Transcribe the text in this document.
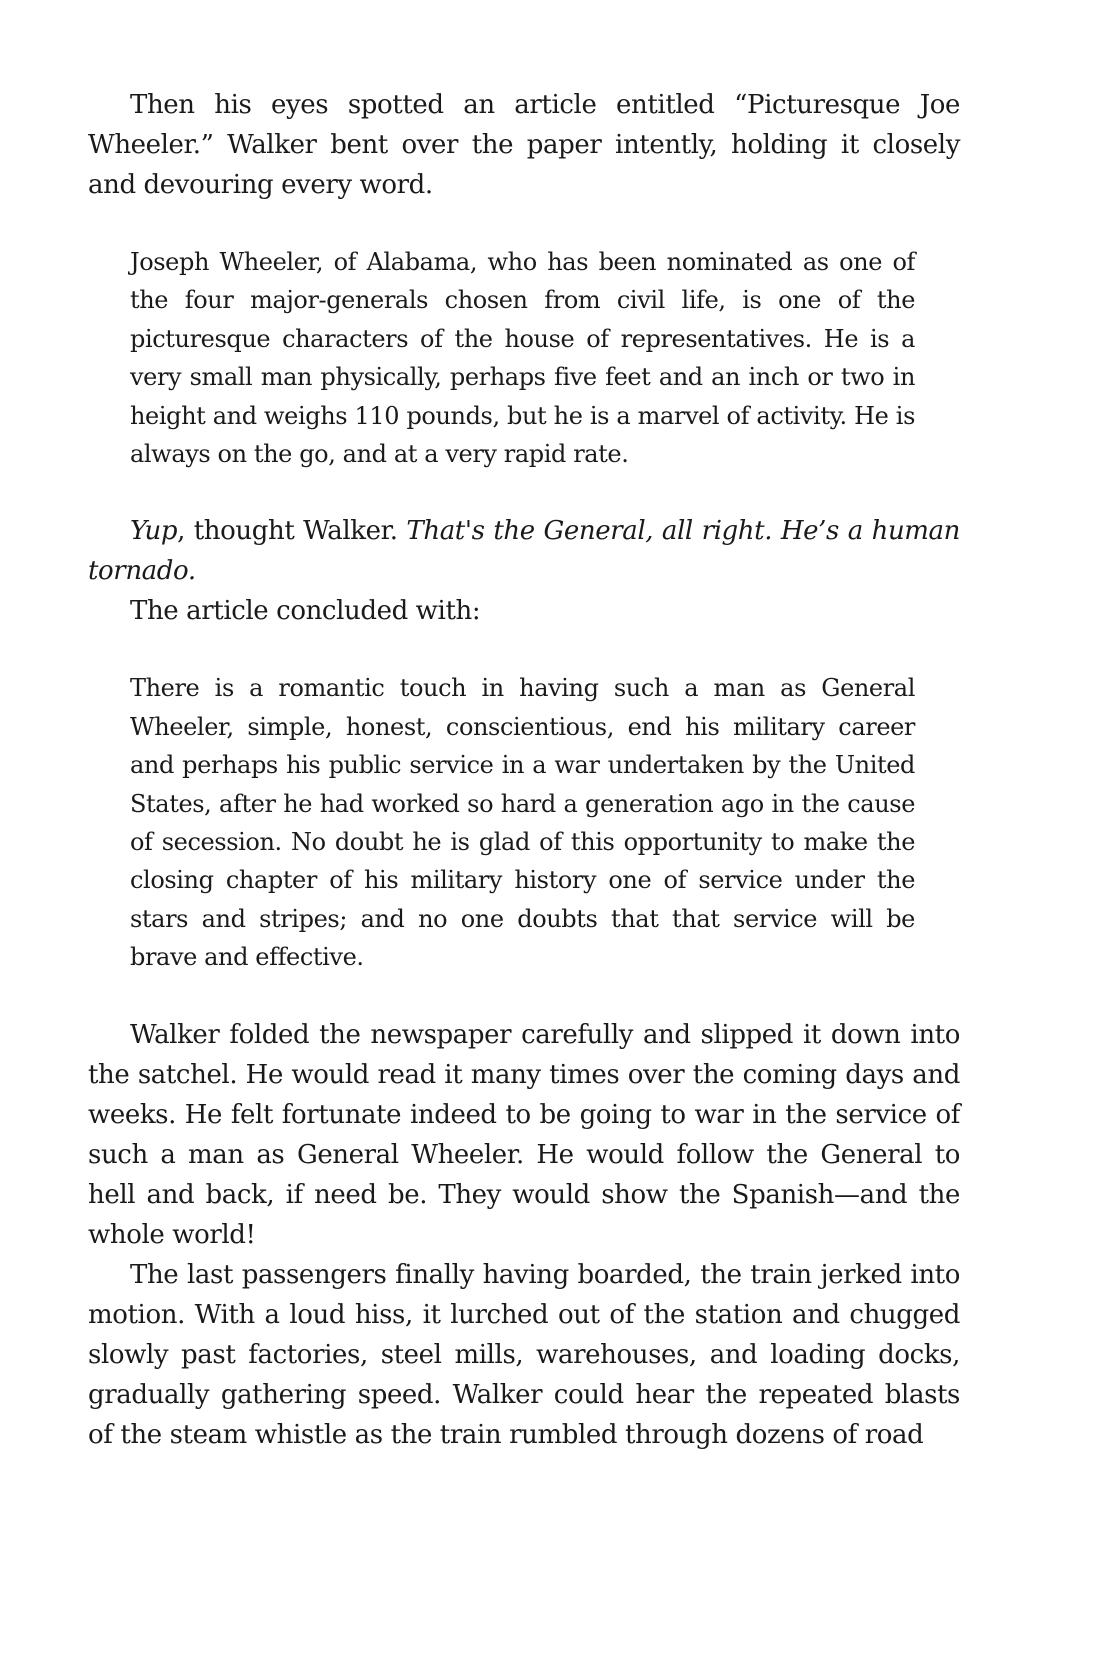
Then his eyes spotted an article entitled “Picturesque Joe Wheeler.” Walker bent over the paper intently, holding it closely and devouring every word.

Joseph Wheeler, of Alabama, who has been nominated as one of the four major-generals chosen from civil life, is one of the picturesque characters of the house of representatives. He is a very small man physically, perhaps five feet and an inch or two in height and weighs 110 pounds, but he is a marvel of activity. He is always on the go, and at a very rapid rate.

Yup, thought Walker. That's the General, all right. He’s a human tornado.

The article concluded with:

There is a romantic touch in having such a man as General Wheeler, simple, honest, conscientious, end his military career and perhaps his public service in a war undertaken by the United States, after he had worked so hard a generation ago in the cause of secession. No doubt he is glad of this opportunity to make the closing chapter of his military history one of service under the stars and stripes; and no one doubts that that service will be brave and effective.

Walker folded the newspaper carefully and slipped it down into the satchel. He would read it many times over the coming days and weeks. He felt fortunate indeed to be going to war in the service of such a man as General Wheeler. He would follow the General to hell and back, if need be. They would show the Spanish—and the whole world!

The last passengers finally having boarded, the train jerked into motion. With a loud hiss, it lurched out of the station and chugged slowly past factories, steel mills, warehouses, and loading docks, gradually gathering speed. Walker could hear the repeated blasts of the steam whistle as the train rumbled through dozens of road
